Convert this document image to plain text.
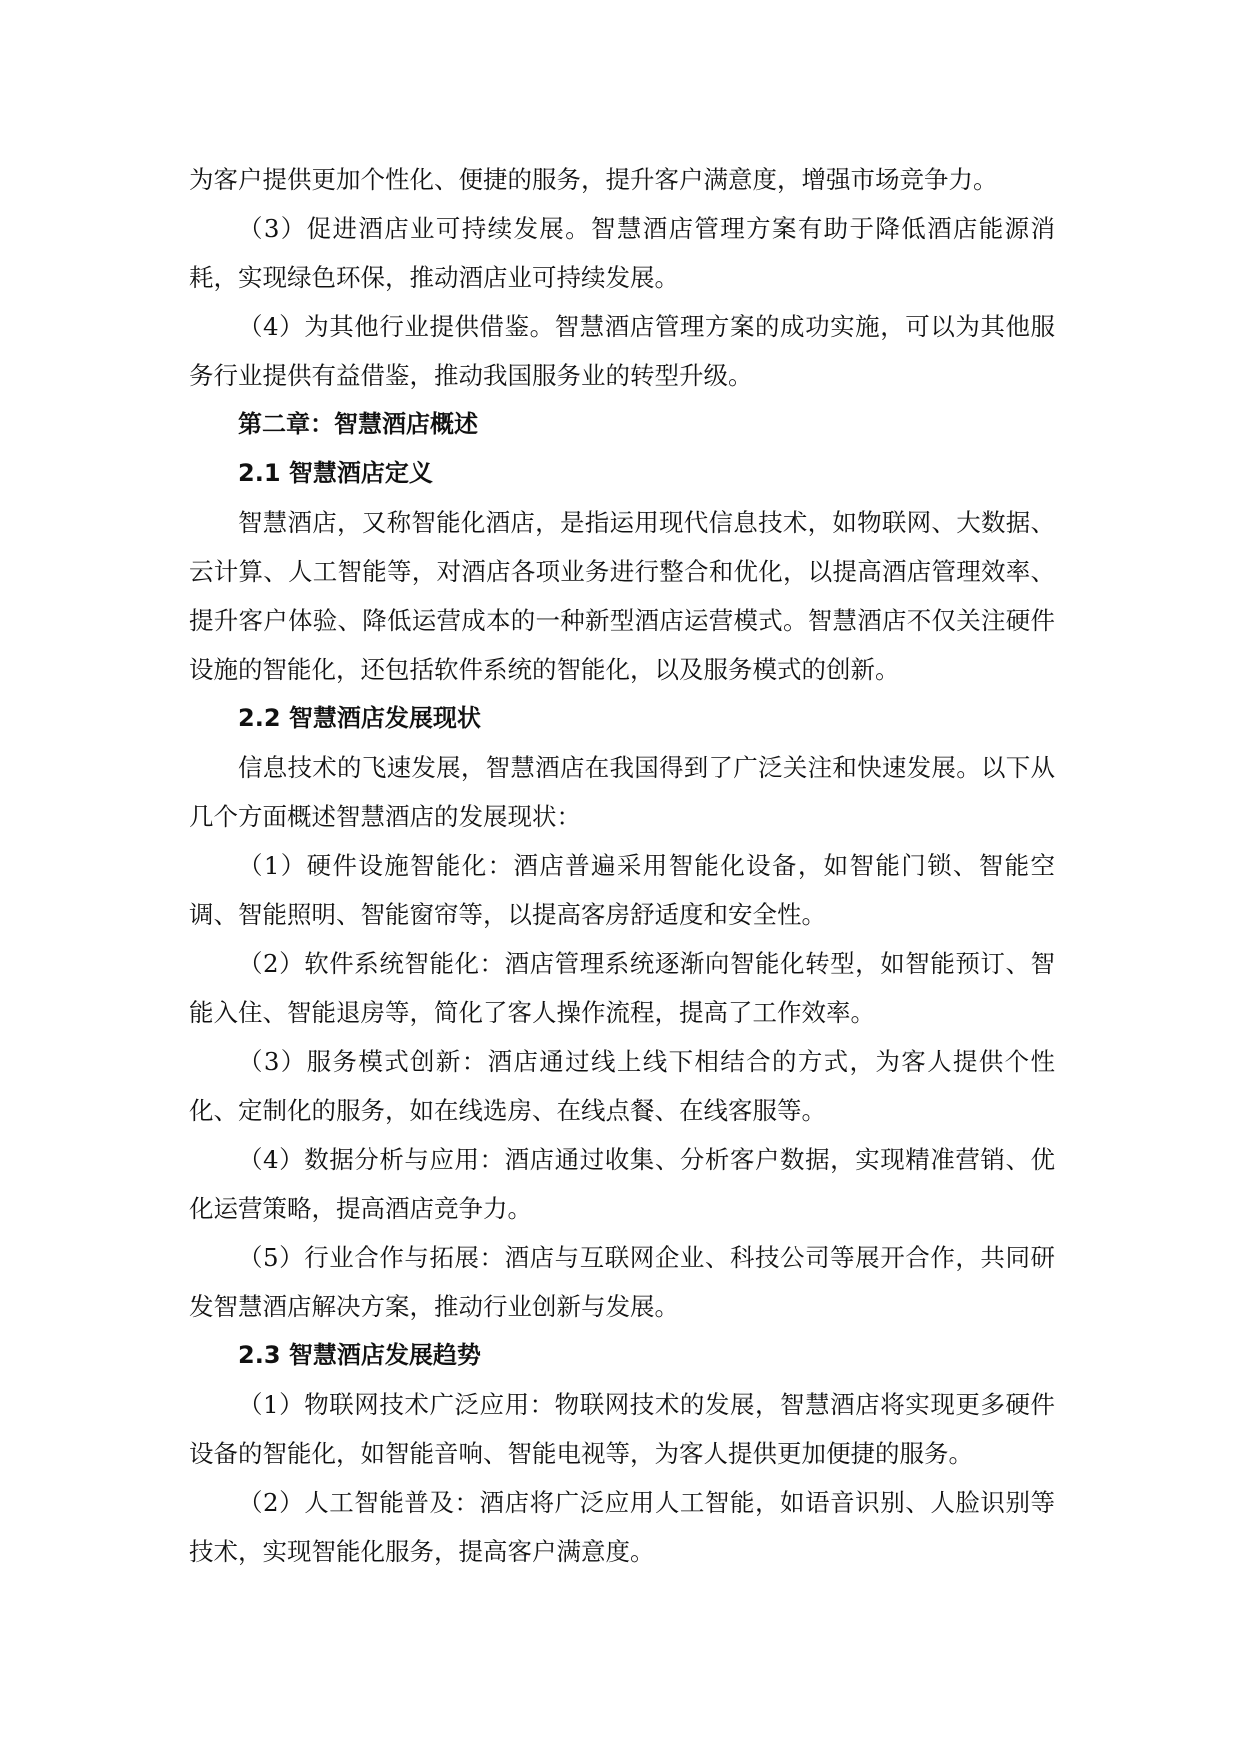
为客户提供更加个性化、便捷的服务，提升客户满意度，增强市场竞争力。

（3）促进酒店业可持续发展。智慧酒店管理方案有助于降低酒店能源消耗，实现绿色环保，推动酒店业可持续发展。

（4）为其他行业提供借鉴。智慧酒店管理方案的成功实施，可以为其他服务行业提供有益借鉴，推动我国服务业的转型升级。

第二章：智慧酒店概述
2.1 智慧酒店定义

智慧酒店，又称智能化酒店，是指运用现代信息技术，如物联网、大数据、云计算、人工智能等，对酒店各项业务进行整合和优化，以提高酒店管理效率、提升客户体验、降低运营成本的一种新型酒店运营模式。智慧酒店不仅关注硬件设施的智能化，还包括软件系统的智能化，以及服务模式的创新。

2.2 智慧酒店发展现状

信息技术的飞速发展，智慧酒店在我国得到了广泛关注和快速发展。以下从几个方面概述智慧酒店的发展现状：

（1）硬件设施智能化：酒店普遍采用智能化设备，如智能门锁、智能空调、智能照明、智能窗帘等，以提高客房舒适度和安全性。

（2）软件系统智能化：酒店管理系统逐渐向智能化转型，如智能预订、智能入住、智能退房等，简化了客人操作流程，提高了工作效率。

（3）服务模式创新：酒店通过线上线下相结合的方式，为客人提供个性化、定制化的服务，如在线选房、在线点餐、在线客服等。

（4）数据分析与应用：酒店通过收集、分析客户数据，实现精准营销、优化运营策略，提高酒店竞争力。

（5）行业合作与拓展：酒店与互联网企业、科技公司等展开合作，共同研发智慧酒店解决方案，推动行业创新与发展。

2.3 智慧酒店发展趋势

（1）物联网技术广泛应用：物联网技术的发展，智慧酒店将实现更多硬件设备的智能化，如智能音响、智能电视等，为客人提供更加便捷的服务。

（2）人工智能普及：酒店将广泛应用人工智能，如语音识别、人脸识别等技术，实现智能化服务，提高客户满意度。
